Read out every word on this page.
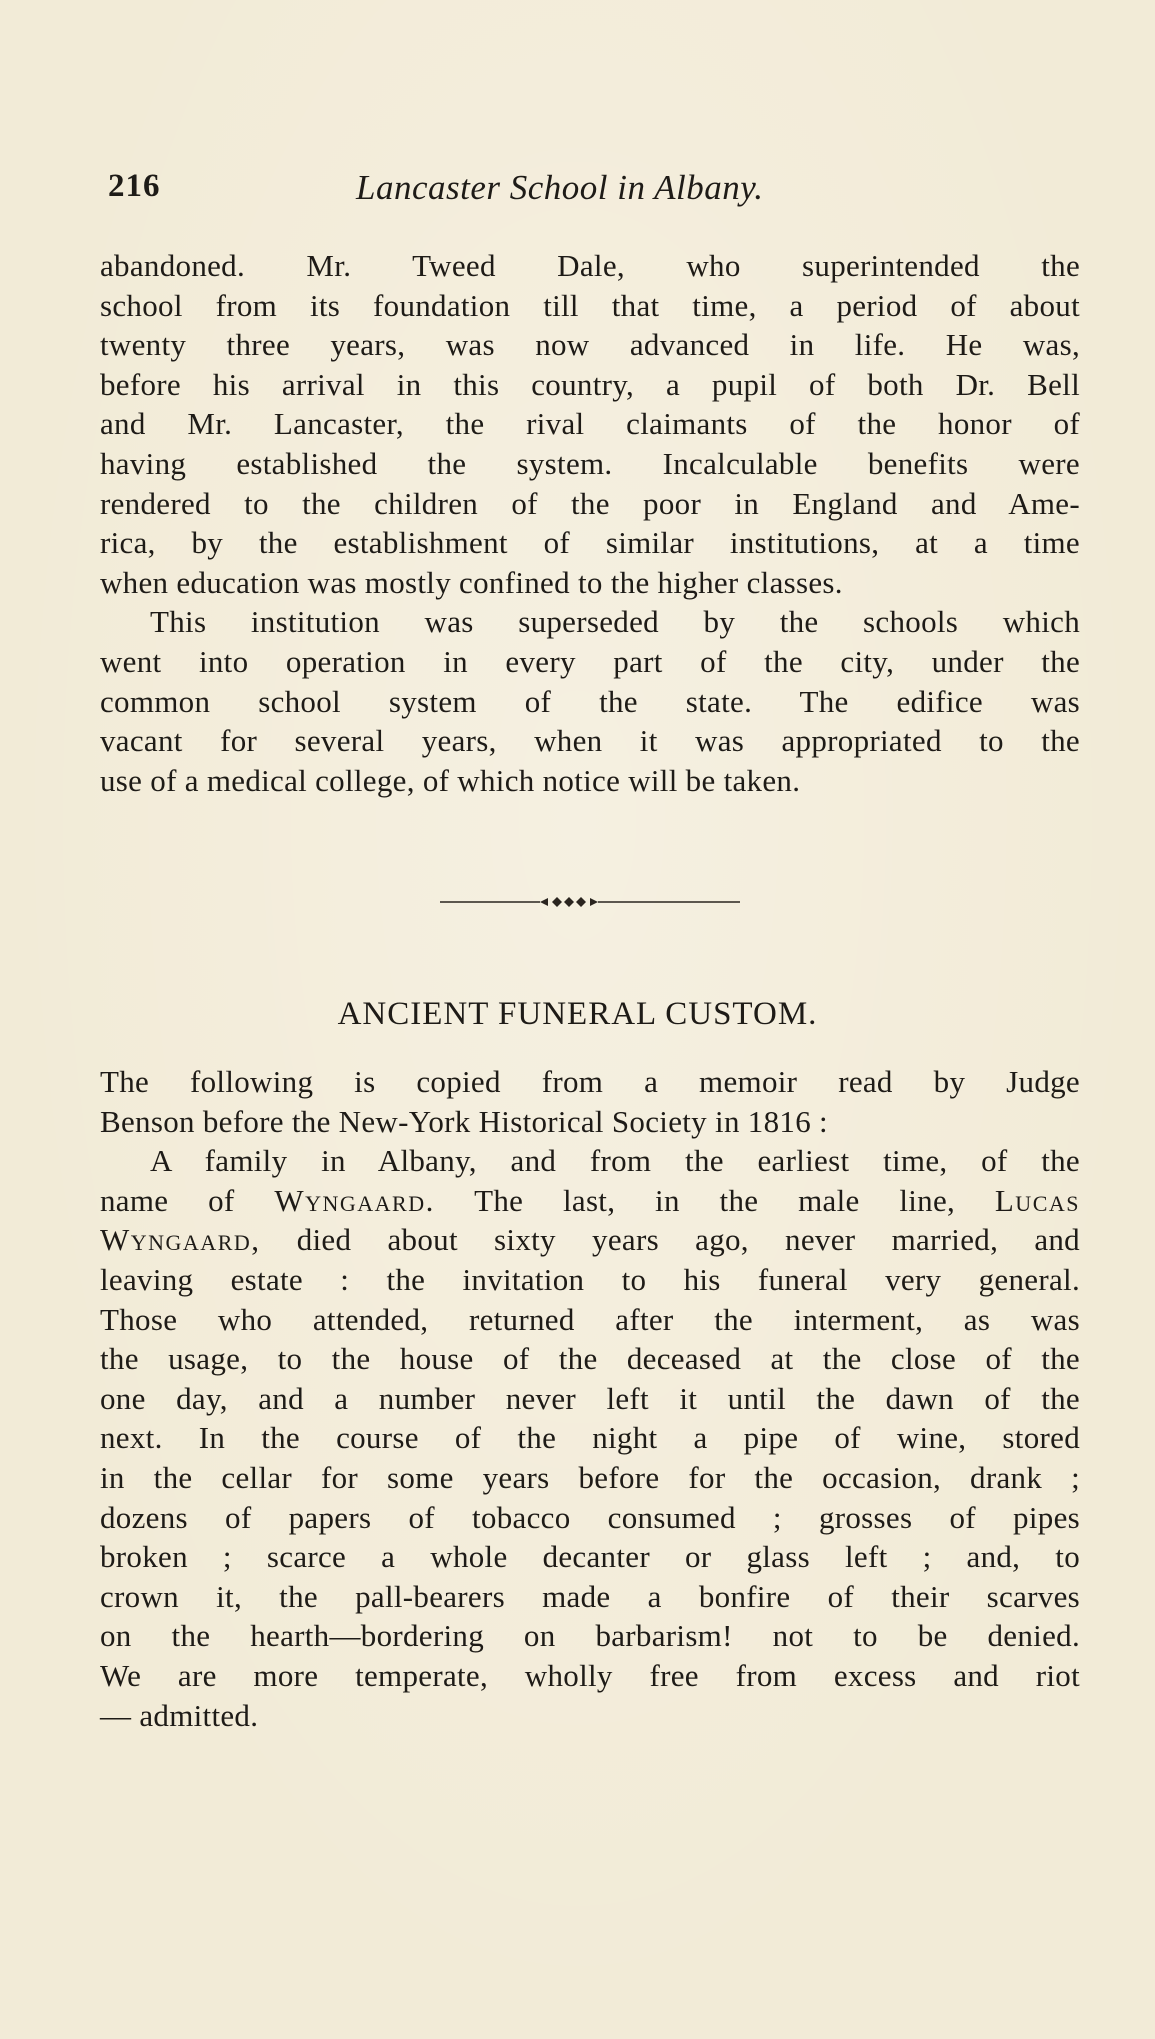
216	Lancaster School in Albany.
abandoned. Mr. Tweed Dale, who superintended the
school from its foundation till that time, a period of about
twenty three years, was now advanced in life. He was,
before his arrival in this country, a pupil of both Dr. Bell
and Mr. Lancaster, the rival claimants of the honor of
having established the system. Incalculable benefits were
rendered to the children of the poor in England and Ame-
rica, by the establishment of similar institutions, at a time
when education was mostly confined to the higher classes.
This institution was superseded by the schools which
went into operation in every part of the city, under the
common school system of the state. The edifice was
vacant for several years, when it was appropriated to the
use of a medical college, of which notice will be taken.
ANCIENT FUNERAL CUSTOM.
The following is copied from a memoir read by Judge
Benson before the New-York Historical Society in 1816 :
A family in Albany, and from the earliest time, of the
name of Wyngaard. The last, in the male line, Lucas
Wyngaard, died about sixty years ago, never married, and
leaving estate : the invitation to his funeral very general.
Those who attended, returned after the interment, as was
the usage, to the house of the deceased at the close of the
one day, and a number never left it until the dawn of the
next. In the course of the night a pipe of wine, stored
in the cellar for some years before for the occasion, drank ;
dozens of papers of tobacco consumed ; grosses of pipes
broken ; scarce a whole decanter or glass left ; and, to
crown it, the pall-bearers made a bonfire of their scarves
on the hearth—bordering on barbarism! not to be denied.
We are more temperate, wholly free from excess and riot
— admitted.
